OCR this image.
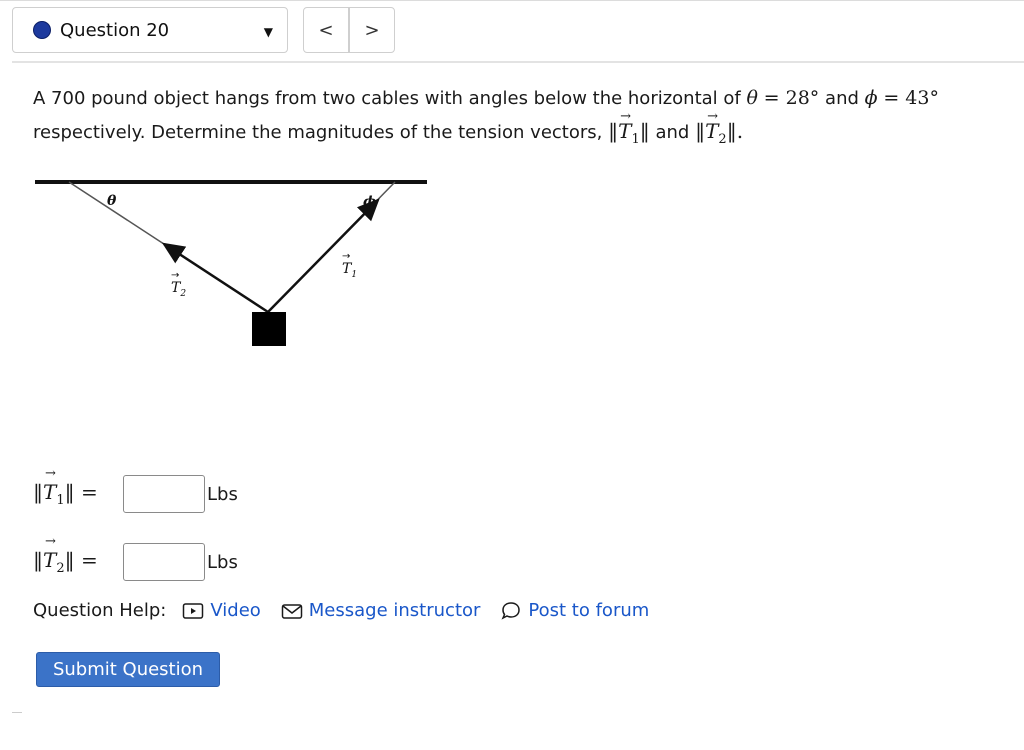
Question 20	▼	< >
A 700 pound object hangs from two cables with angles below the horizontal of θ = 28° and ϕ = 43°
respectively. Determine the magnitudes of the tension vectors, ‖→ $T_1‖$ and ‖→ $T_2‖$.
θ	ϕ
$T_2$
→	$T_1$
→
‖→ $T_1‖$ =	Lbs
‖→ $T_2‖$ =	Lbs
Question Help: Video	Message instructor	Post to forum
Submit Question
